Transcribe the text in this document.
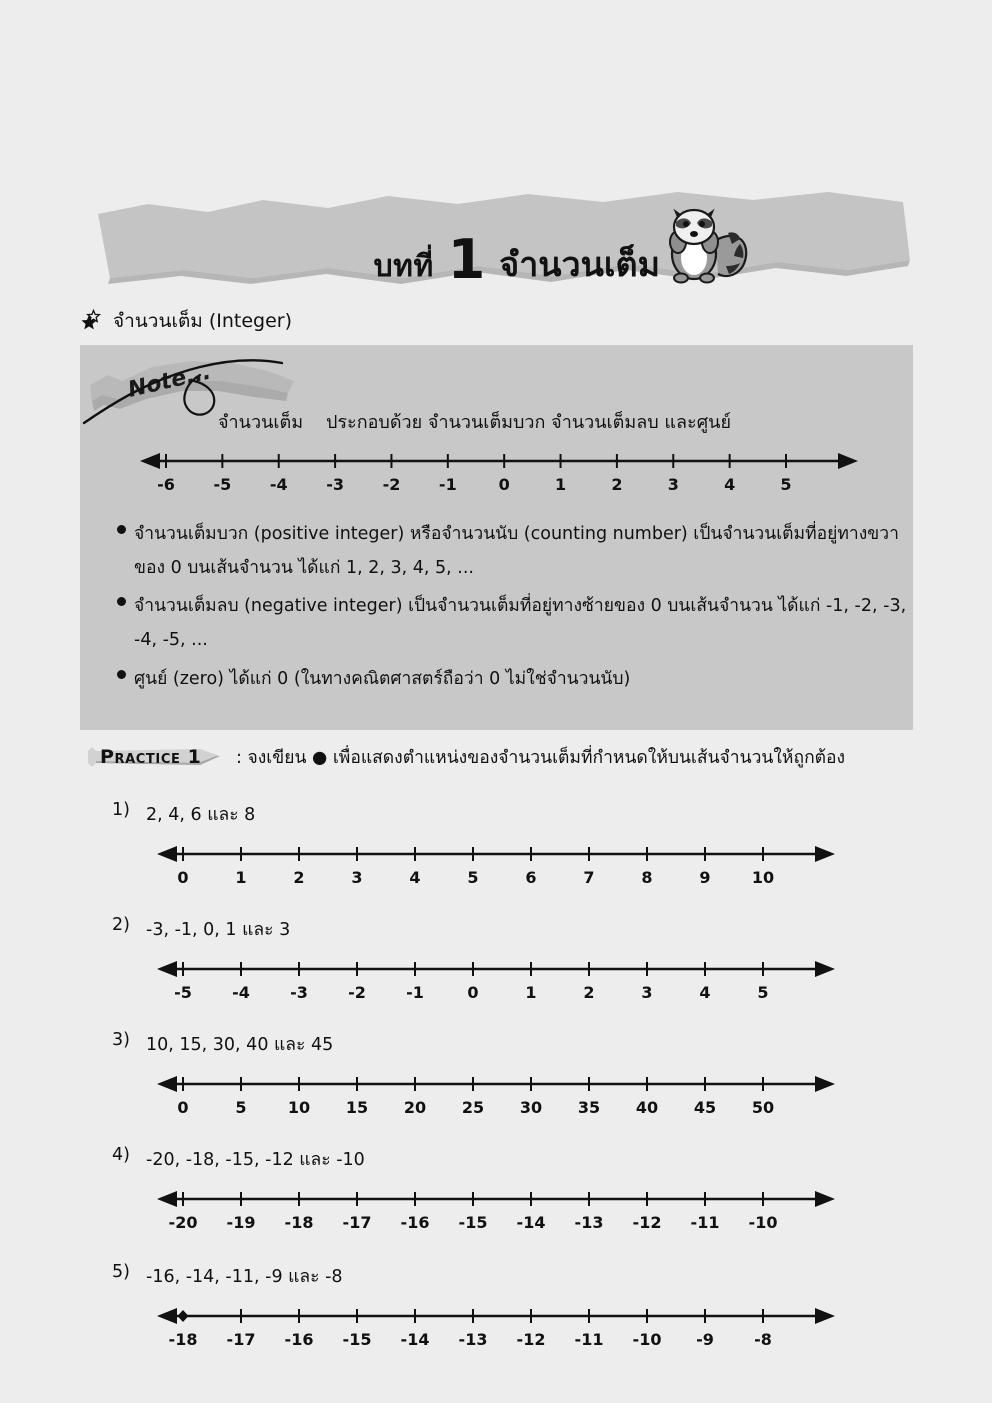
บทที่ 1 จำนวนเต็ม
จำนวนเต็ม (Integer)
Note...
จำนวนเต็ม    ประกอบด้วย จำนวนเต็มบวก จำนวนเต็มลบ และศูนย์
-6 -5 -4 -3 -2 -1	0	1	2	3	4	5
จำนวนเต็มบวก (positive integer) หรือจำนวนนับ (counting number) เป็นจำนวนเต็มที่อยู่ทางขวาของ 0 บนเส้นจำนวน ได้แก่ 1, 2, 3, 4, 5, ...
จำนวนเต็มลบ (negative integer) เป็นจำนวนเต็มที่อยู่ทางซ้ายของ 0 บนเส้นจำนวน ได้แก่ -1, -2, -3, -4, -5, ...
ศูนย์ (zero) ได้แก่ 0 (ในทางคณิตศาสตร์ถือว่า 0 ไม่ใช่จำนวนนับ)
Practice 1 : จงเขียน ● เพื่อแสดงตำแหน่งของจำนวนเต็มที่กำหนดให้บนเส้นจำนวนให้ถูกต้อง
1) 2, 4, 6 และ 8
0	1	2	3	4	5	6	7	8	9	10
2) -3, -1, 0, 1 และ 3
-5	-4	-3	-2	-1	0	1	2	3	4	5
3) 10, 15, 30, 40 และ 45
0	5	10 15 20 25 30 35 40 45 50
4) -20, -18, -15, -12 และ -10
-20 -19 -18 -17 -16 -15 -14 -13 -12 -11 -10
5) -16, -14, -11, -9 และ -8
-18 -17 -16 -15 -14 -13 -12 -11 -10 -9	-8
